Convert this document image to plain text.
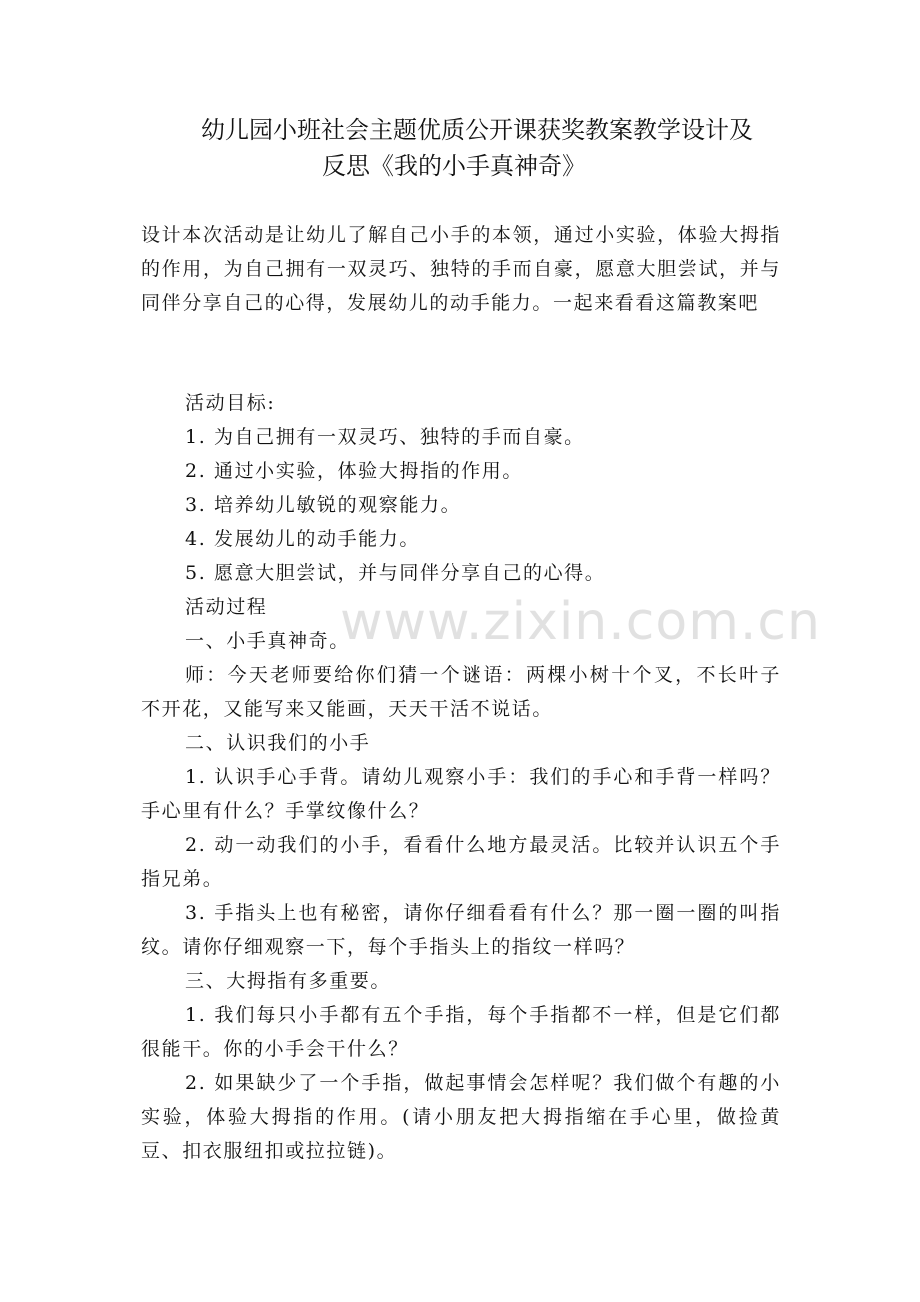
幼儿园小班社会主题优质公开课获奖教案教学设计及
反思《我的小手真神奇》
设计本次活动是让幼儿了解自己小手的本领，通过小实验，体验大拇指的作用，为自己拥有一双灵巧、独特的手而自豪，愿意大胆尝试，并与同伴分享自己的心得，发展幼儿的动手能力。一起来看看这篇教案吧
活动目标:
1. 为自己拥有一双灵巧、独特的手而自豪。
2. 通过小实验，体验大拇指的作用。
3. 培养幼儿敏锐的观察能力。
4. 发展幼儿的动手能力。
5. 愿意大胆尝试，并与同伴分享自己的心得。
活动过程
一、小手真神奇。
师：今天老师要给你们猜一个谜语：两棵小树十个叉，不长叶子不开花，又能写来又能画，天天干活不说话。
二、认识我们的小手
1. 认识手心手背。请幼儿观察小手：我们的手心和手背一样吗？手心里有什么？手掌纹像什么？
2. 动一动我们的小手，看看什么地方最灵活。比较并认识五个手指兄弟。
3. 手指头上也有秘密，请你仔细看看有什么？那一圈一圈的叫指纹。请你仔细观察一下，每个手指头上的指纹一样吗？
三、大拇指有多重要。
1. 我们每只小手都有五个手指，每个手指都不一样，但是它们都很能干。你的小手会干什么？
2. 如果缺少了一个手指，做起事情会怎样呢？我们做个有趣的小实验，体验大拇指的作用。(请小朋友把大拇指缩在手心里，做捡黄豆、扣衣服纽扣或拉拉链)。
www.zixin.com.cn
